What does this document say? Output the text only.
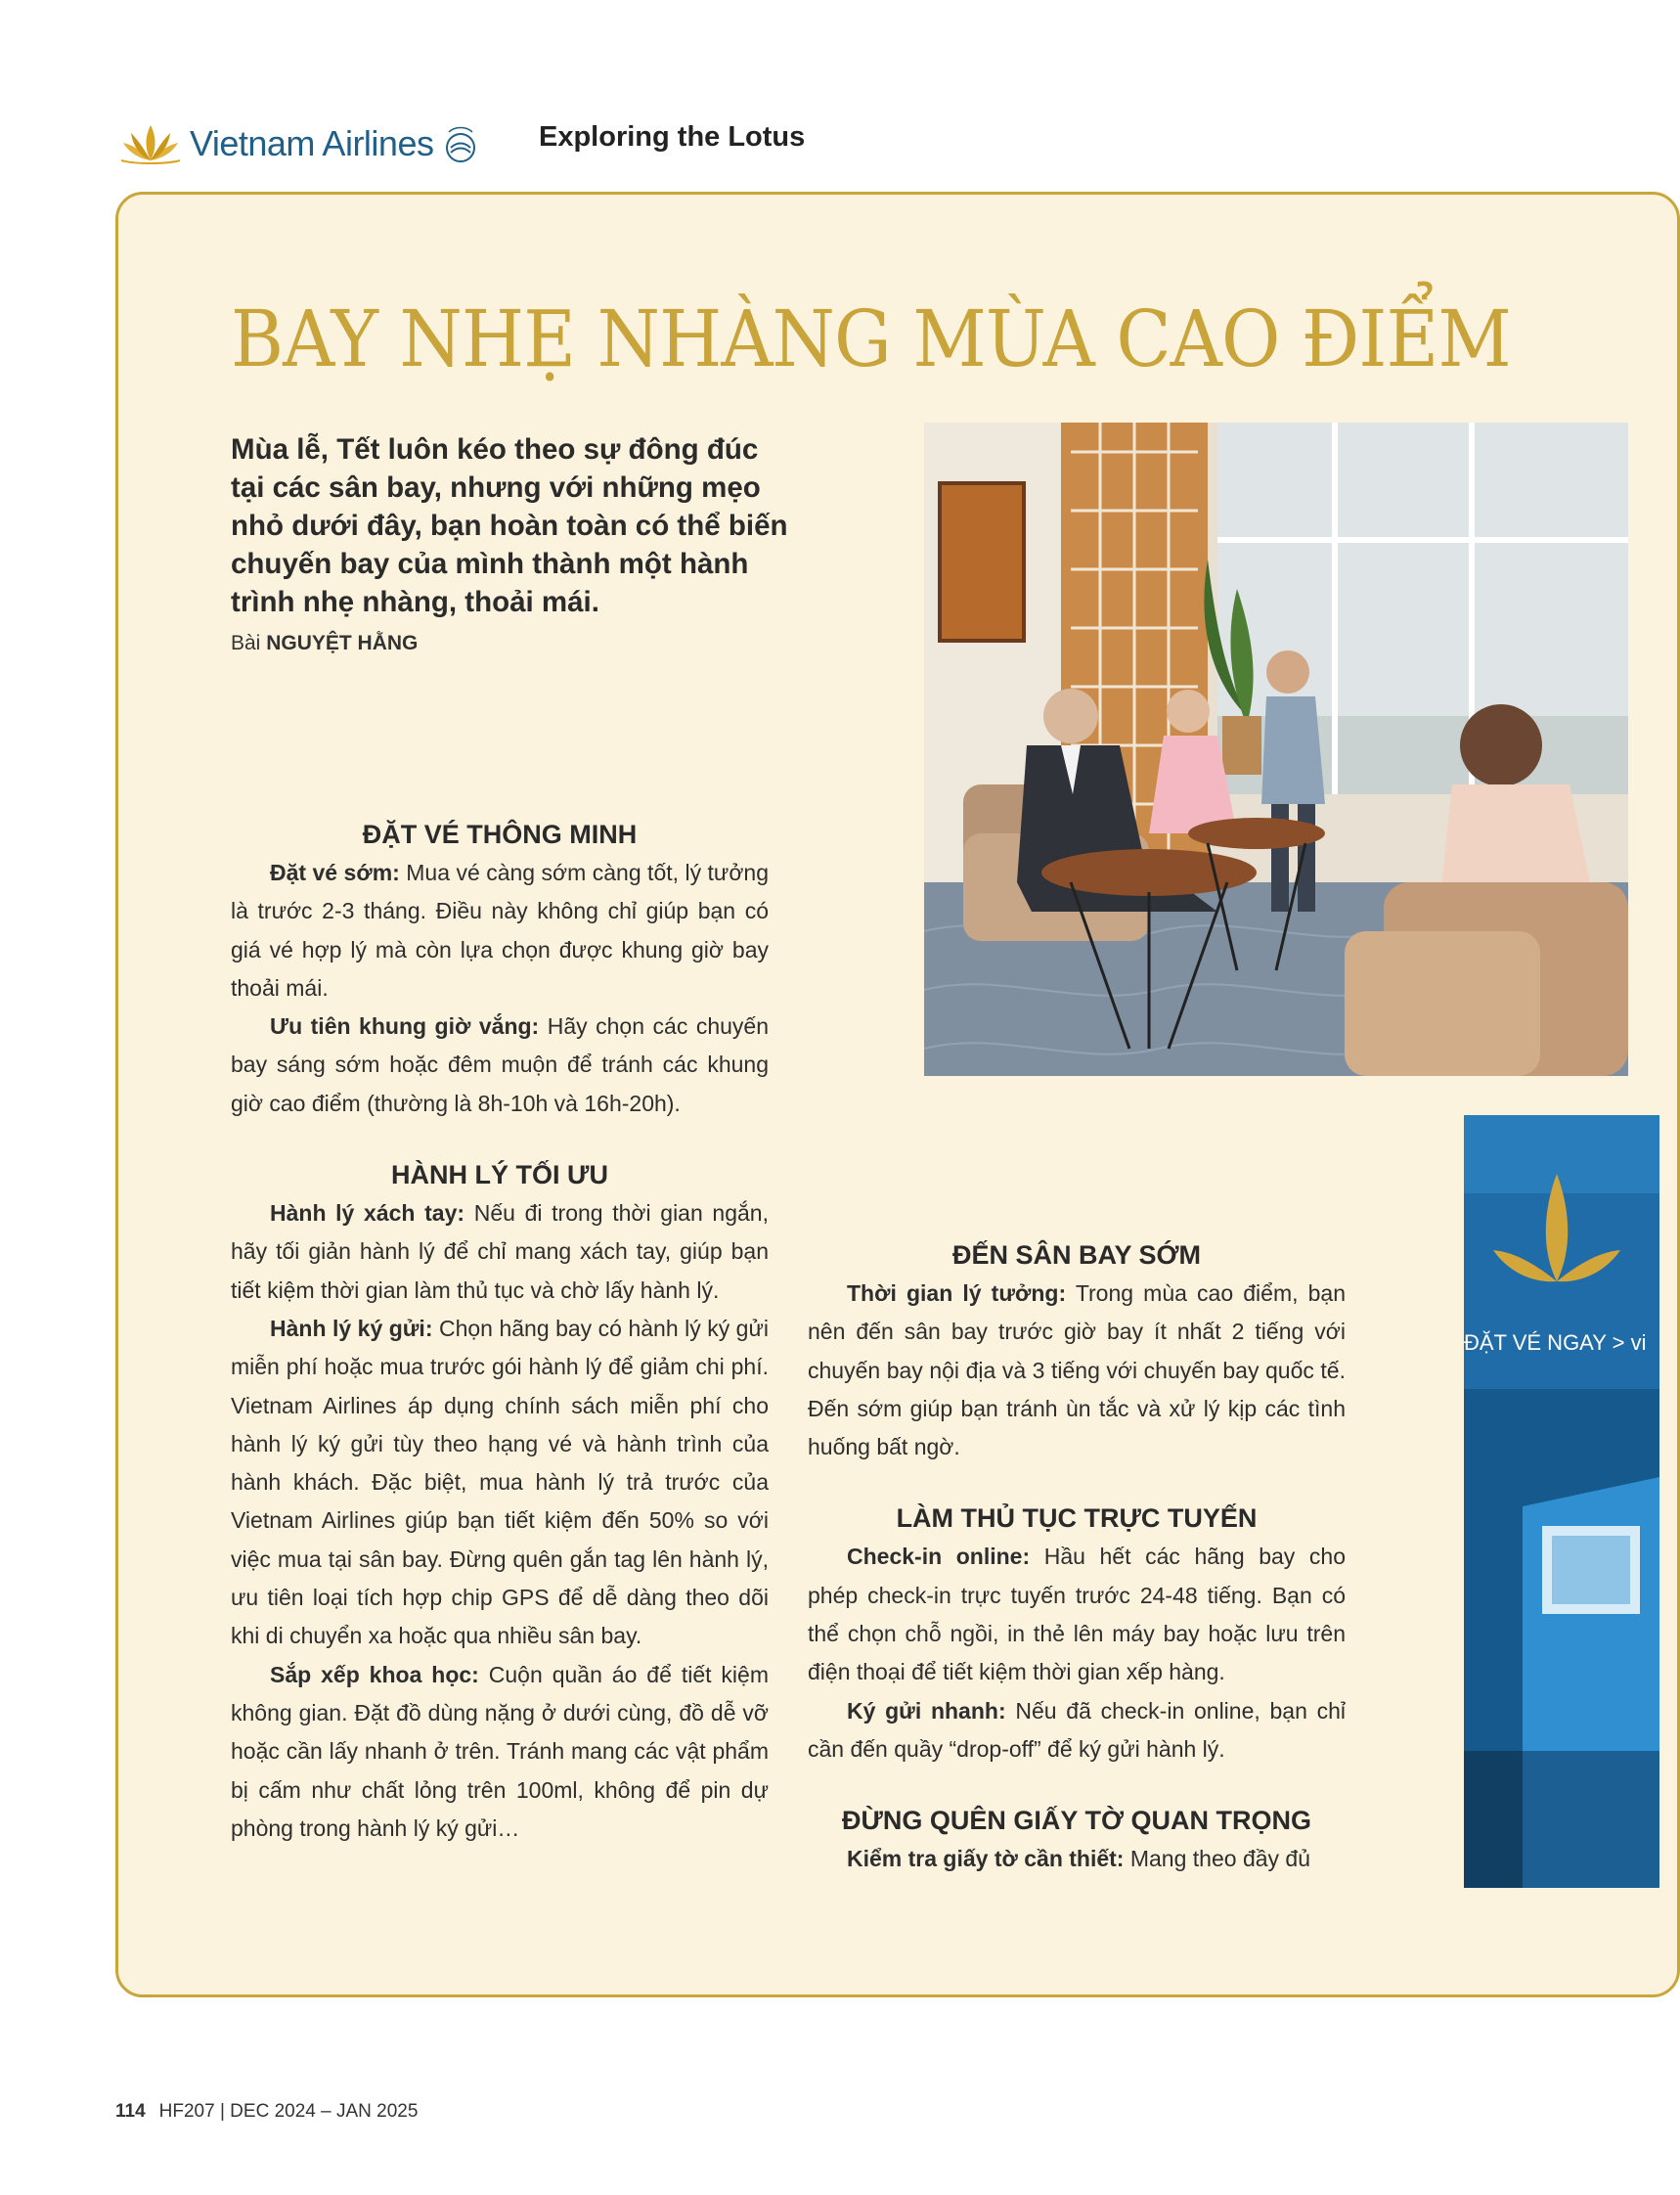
Vietnam Airlines	Exploring the Lotus
BAY NHẸ NHÀNG MÙA CAO ĐIỂM
Mùa lễ, Tết luôn kéo theo sự đông đúc tại các sân bay, nhưng với những mẹo nhỏ dưới đây, bạn hoàn toàn có thể biến chuyến bay của mình thành một hành trình nhẹ nhàng, thoải mái.
Bài NGUYỆT HẰNG
ĐẶT VÉ NGAY > vi
ĐẶT VÉ THÔNG MINH

Đặt vé sớm: Mua vé càng sớm càng tốt, lý tưởng là trước 2-3 tháng. Điều này không chỉ giúp bạn có giá vé hợp lý mà còn lựa chọn được khung giờ bay thoải mái.

Ưu tiên khung giờ vắng: Hãy chọn các chuyến bay sáng sớm hoặc đêm muộn để tránh các khung giờ cao điểm (thường là 8h-10h và 16h-20h).

HÀNH LÝ TỐI ƯU

Hành lý xách tay: Nếu đi trong thời gian ngắn, hãy tối giản hành lý để chỉ mang xách tay, giúp bạn tiết kiệm thời gian làm thủ tục và chờ lấy hành lý.

Hành lý ký gửi: Chọn hãng bay có hành lý ký gửi miễn phí hoặc mua trước gói hành lý để giảm chi phí. Vietnam Airlines áp dụng chính sách miễn phí cho hành lý ký gửi tùy theo hạng vé và hành trình của hành khách. Đặc biệt, mua hành lý trả trước của Vietnam Airlines giúp bạn tiết kiệm đến 50% so với việc mua tại sân bay. Đừng quên gắn tag lên hành lý, ưu tiên loại tích hợp chip GPS để dễ dàng theo dõi khi di chuyển xa hoặc qua nhiều sân bay.

Sắp xếp khoa học: Cuộn quần áo để tiết kiệm không gian. Đặt đồ dùng nặng ở dưới cùng, đồ dễ vỡ hoặc cần lấy nhanh ở trên. Tránh mang các vật phẩm bị cấm như chất lỏng trên 100ml, không để pin dự phòng trong hành lý ký gửi…

ĐẾN SÂN BAY SỚM

Thời gian lý tưởng: Trong mùa cao điểm, bạn nên đến sân bay trước giờ bay ít nhất 2 tiếng với chuyến bay nội địa và 3 tiếng với chuyến bay quốc tế. Đến sớm giúp bạn tránh ùn tắc và xử lý kịp các tình huống bất ngờ.

LÀM THỦ TỤC TRỰC TUYẾN

Check-in online: Hầu hết các hãng bay cho phép check-in trực tuyến trước 24-48 tiếng. Bạn có thể chọn chỗ ngồi, in thẻ lên máy bay hoặc lưu trên điện thoại để tiết kiệm thời gian xếp hàng.

Ký gửi nhanh: Nếu đã check-in online, bạn chỉ cần đến quầy “drop-off” để ký gửi hành lý.

ĐỪNG QUÊN GIẤY TỜ QUAN TRỌNG

Kiểm tra giấy tờ cần thiết: Mang theo đầy đủ

114 HF207 | DEC 2024 – JAN 2025
